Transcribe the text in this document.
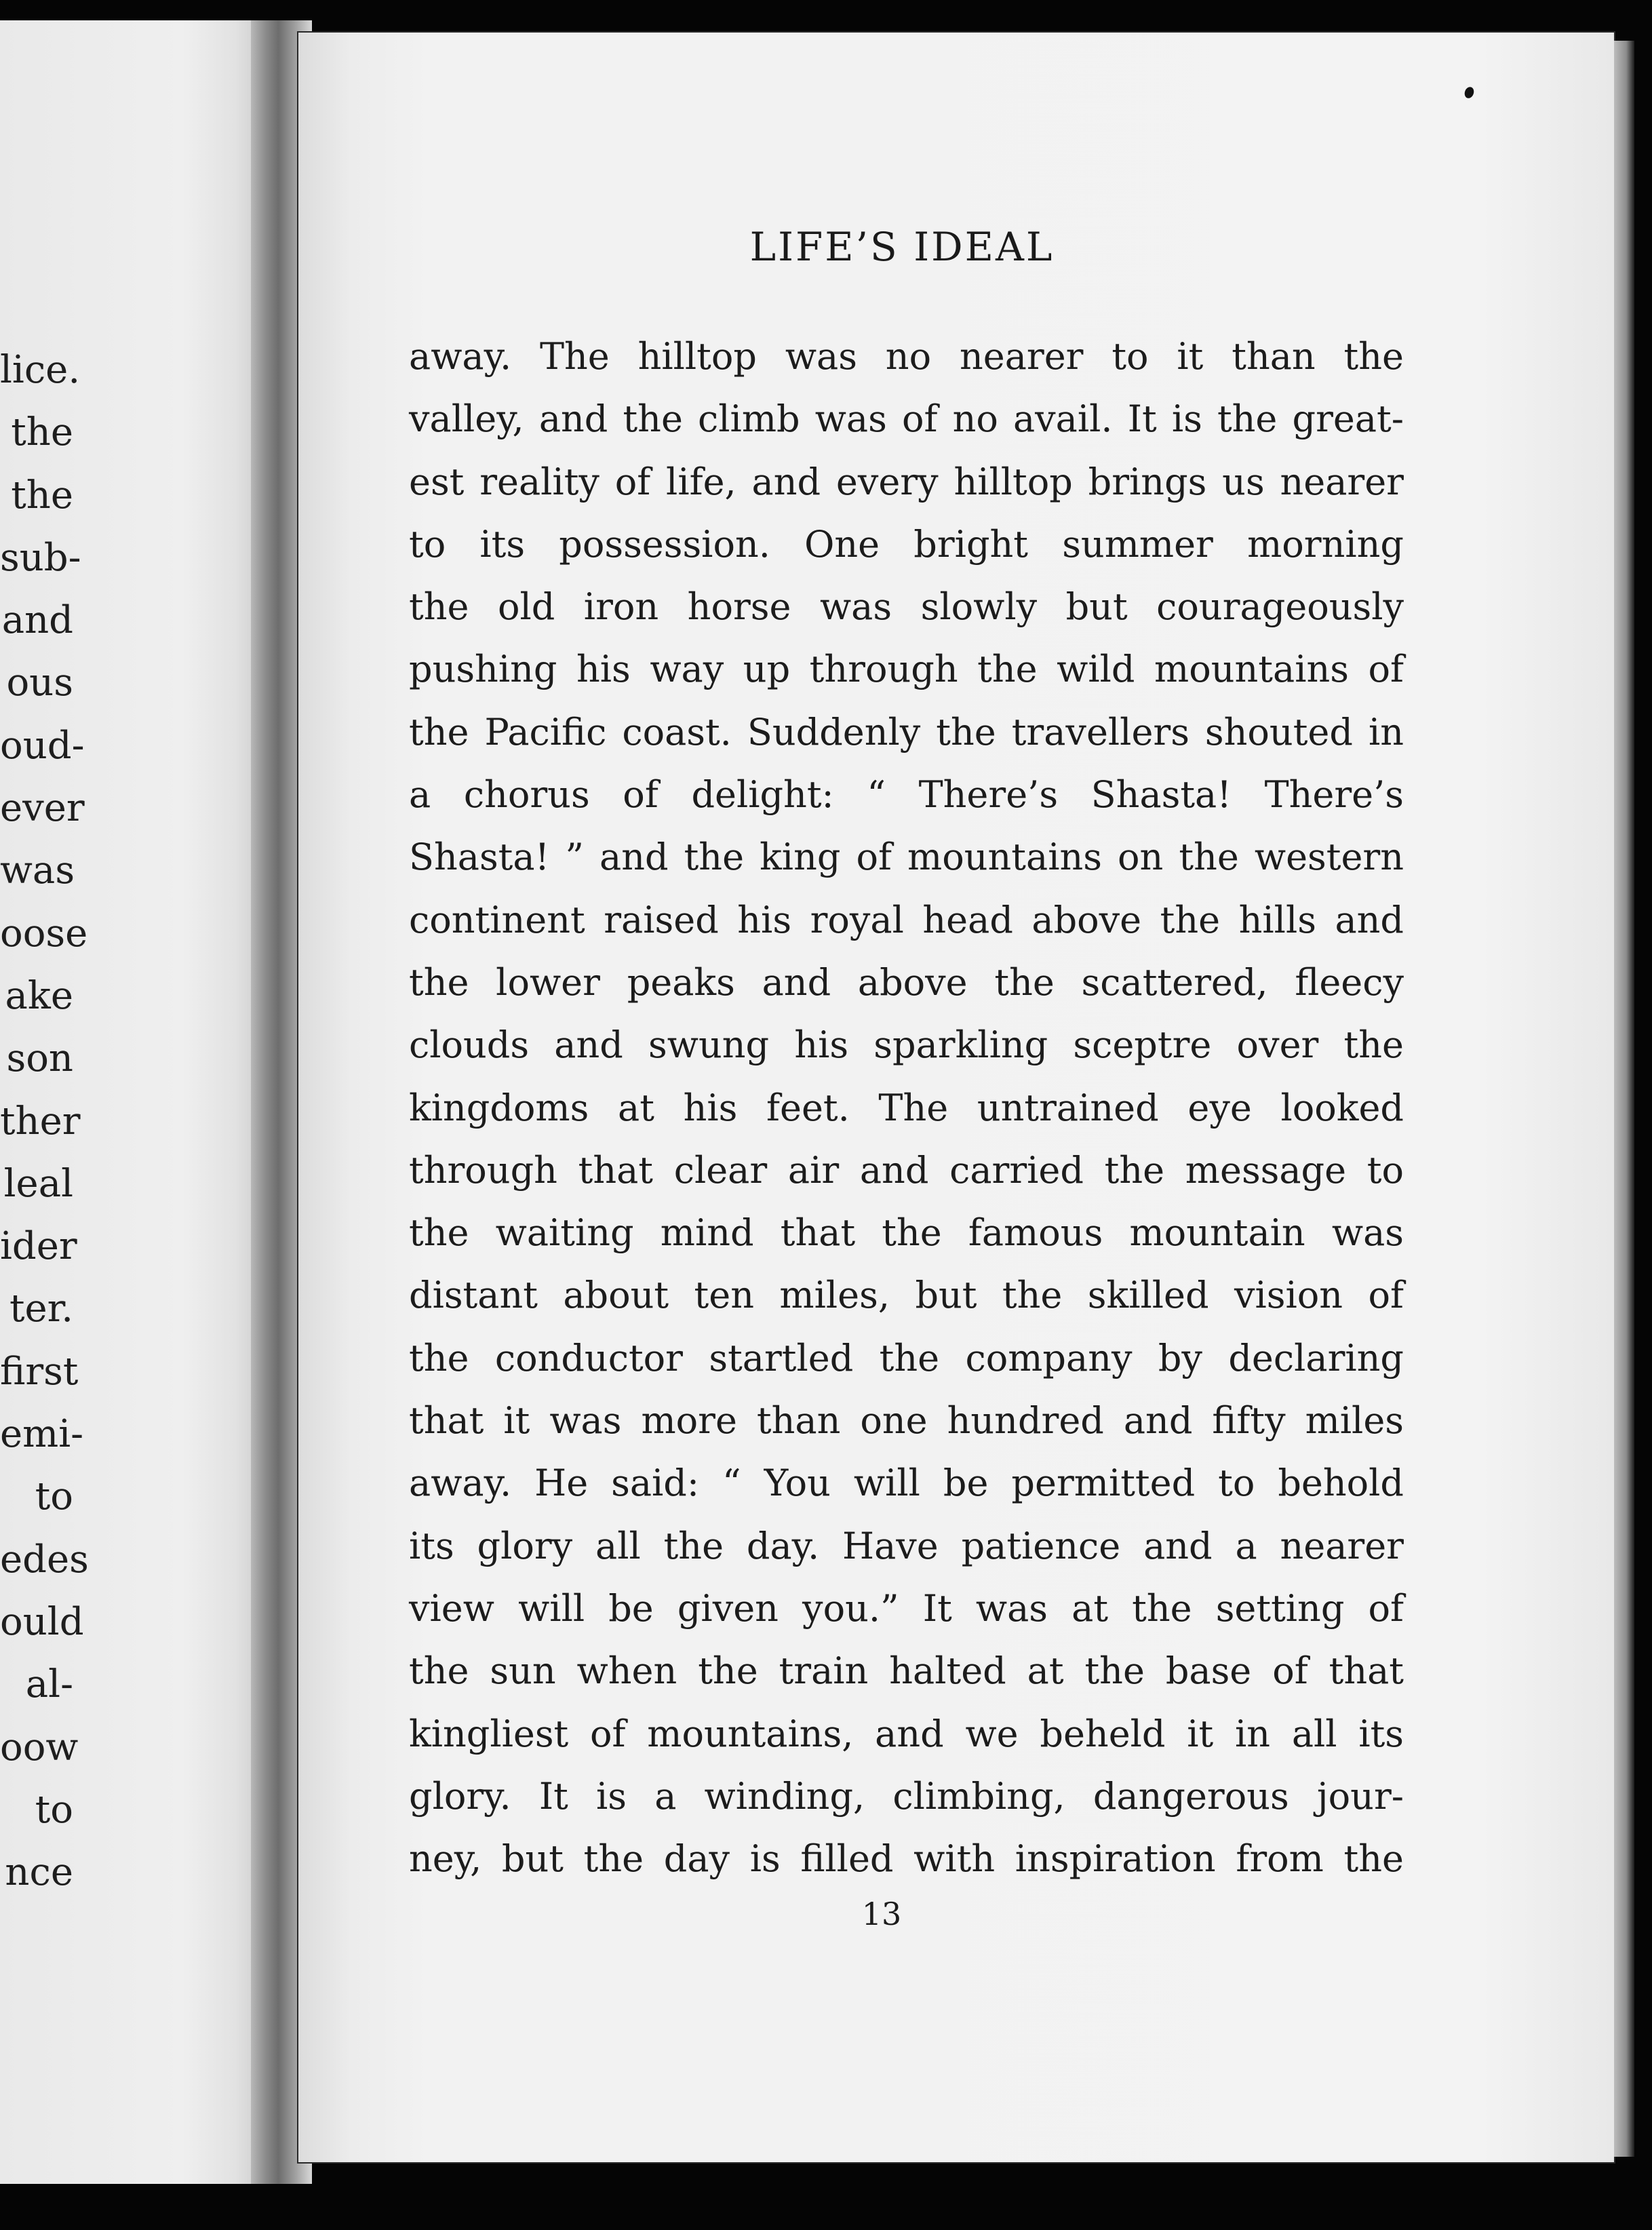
lice.
the
the
sub-
and
ous
oud-
ever
was
oose
ake
son
ther
leal
ider
ter.
first
emi-
to
edes
ould
al-
oow
to
nce
LIFE’S IDEAL
away. The hilltop was no nearer to it than the
valley, and the climb was of no avail. It is the great-
est reality of life, and every hilltop brings us nearer
to its possession. One bright summer morning
the old iron horse was slowly but courageously
pushing his way up through the wild mountains of
the Pacific coast. Suddenly the travellers shouted in
a chorus of delight: “ There’s Shasta! There’s
Shasta! ” and the king of mountains on the western
continent raised his royal head above the hills and
the lower peaks and above the scattered, fleecy
clouds and swung his sparkling sceptre over the
kingdoms at his feet. The untrained eye looked
through that clear air and carried the message to
the waiting mind that the famous mountain was
distant about ten miles, but the skilled vision of
the conductor startled the company by declaring
that it was more than one hundred and fifty miles
away. He said: “ You will be permitted to behold
its glory all the day. Have patience and a nearer
view will be given you.” It was at the setting of
the sun when the train halted at the base of that
kingliest of mountains, and we beheld it in all its
glory. It is a winding, climbing, dangerous jour-
ney, but the day is filled with inspiration from the
13
